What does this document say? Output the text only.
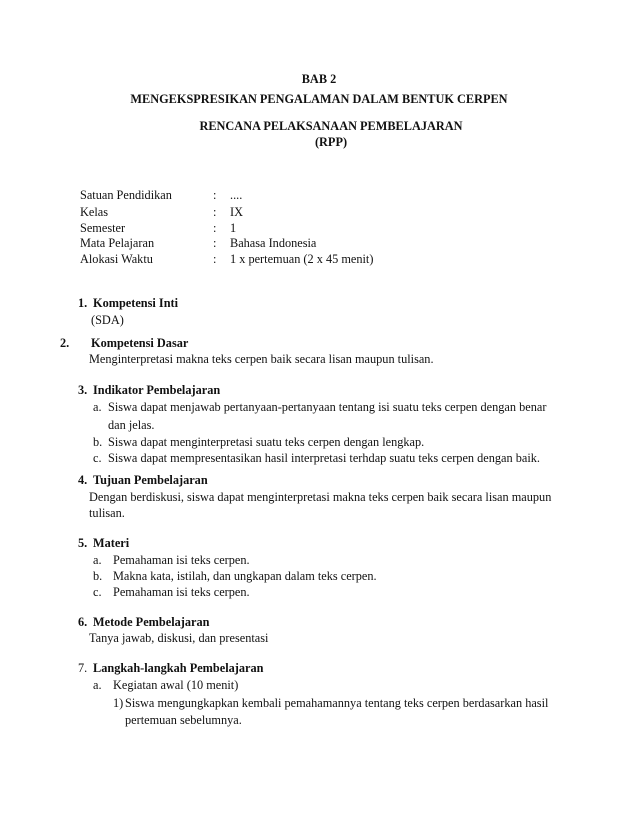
BAB 2
MENGEKSPRESIKAN PENGALAMAN DALAM BENTUK CERPEN
RENCANA PELAKSANAAN PEMBELAJARAN
(RPP)
Satuan Pendidikan	: ....
Kelas	: IX
Semester	: 1
Mata Pelajaran	: Bahasa Indonesia
Alokasi Waktu	: 1 x pertemuan (2 x 45 menit)
1. Kompetensi Inti
(SDA)
2. Kompetensi Dasar
Menginterpretasi makna teks cerpen baik secara lisan maupun tulisan.
3. Indikator Pembelajaran
a. Siswa dapat menjawab pertanyaan-pertanyaan tentang isi suatu teks cerpen dengan benar
dan jelas.
b. Siswa dapat menginterpretasi suatu teks cerpen dengan lengkap.
c. Siswa dapat mempresentasikan hasil interpretasi terhdap suatu teks cerpen dengan baik.
4. Tujuan Pembelajaran
Dengan berdiskusi, siswa dapat menginterpretasi makna teks cerpen baik secara lisan maupun
tulisan.
5. Materi
a. Pemahaman isi teks cerpen.
b. Makna kata, istilah, dan ungkapan dalam teks cerpen.
c. Pemahaman isi teks cerpen.
6. Metode Pembelajaran
Tanya jawab, diskusi, dan presentasi
7. Langkah-langkah Pembelajaran
a. Kegiatan awal (10 menit)
1) Siswa mengungkapkan kembali pemahamannya tentang teks cerpen berdasarkan hasil
pertemuan sebelumnya.
